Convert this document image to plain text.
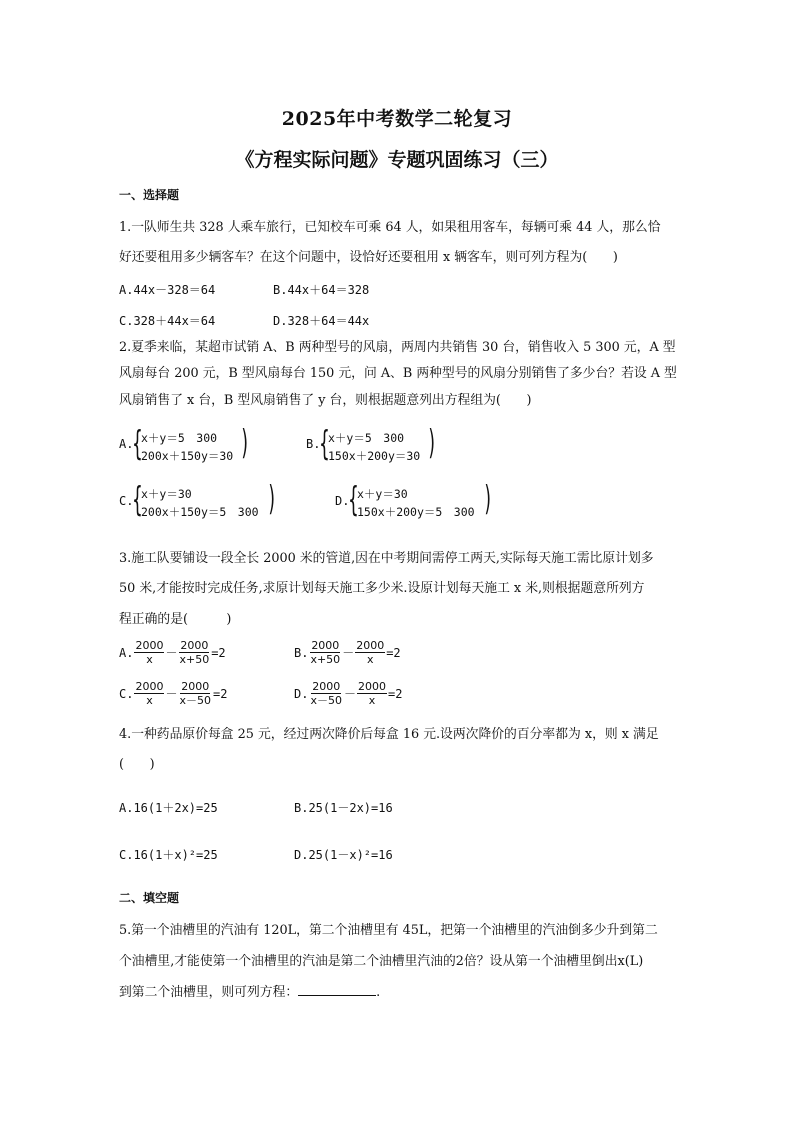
2025年中考数学二轮复习
《方程实际问题》专题巩固练习（三）
一、选择题
1.一队师生共 328 人乘车旅行，已知校车可乘 64 人，如果租用客车，每辆可乘 44 人，那么恰
好还要租用多少辆客车？在这个问题中，设恰好还要租用 x 辆客车，则可列方程为(　　)
A.44x－328＝64	B.44x＋64＝328
C.328＋44x＝64	D.328＋64＝44x
2.夏季来临，某超市试销 A、B 两种型号的风扇，两周内共销售 30 台，销售收入 5 300 元，A 型
风扇每台 200 元，B 型风扇每台 150 元，问 A、B 两种型号的风扇分别销售了多少台？若设 A 型
风扇销售了 x 台，B 型风扇销售了 y 台，则根据题意列出方程组为(　　)
A.
{
x＋y＝5　300
200x＋150y＝30 )	B.
{
x＋y＝5　300
150x＋200y＝30 )
C.
{
x＋y＝30
200x＋150y＝5　300 )	D.
{
x＋y＝30
150x＋200y＝5　300 )
3.施工队要铺设一段全长 2000 米的管道,因在中考期间需停工两天,实际每天施工需比原计划多
50 米,才能按时完成任务,求原计划每天施工多少米.设原计划每天施工 x 米,则根据题意所列方
程正确的是(　　　)
A. $\frac{2000}{x} - \frac{2000}{x+50} =2$	B. $\frac{2000}{x+50} - \frac{2000}{x} =2$
C. $\frac{2000}{x} - \frac{2000}{x-50} =2$	D. $\frac{2000}{x-50} - \frac{2000}{x} =2$
4.一种药品原价每盒 25 元，经过两次降价后每盒 16 元.设两次降价的百分率都为 x，则 x 满足
(　　)
A.16(1＋2x)=25	B.25(1－2x)=16
C.16(1＋x)²=25	D.25(1－x)²=16
二、填空题
5.第一个油槽里的汽油有 120L，第二个油槽里有 45L，把第一个油槽里的汽油倒多少升到第二
个油槽里,才能使第一个油槽里的汽油是第二个油槽里汽油的2倍？设从第一个油槽里倒出x(L)
到第二个油槽里，则可列方程：	.
